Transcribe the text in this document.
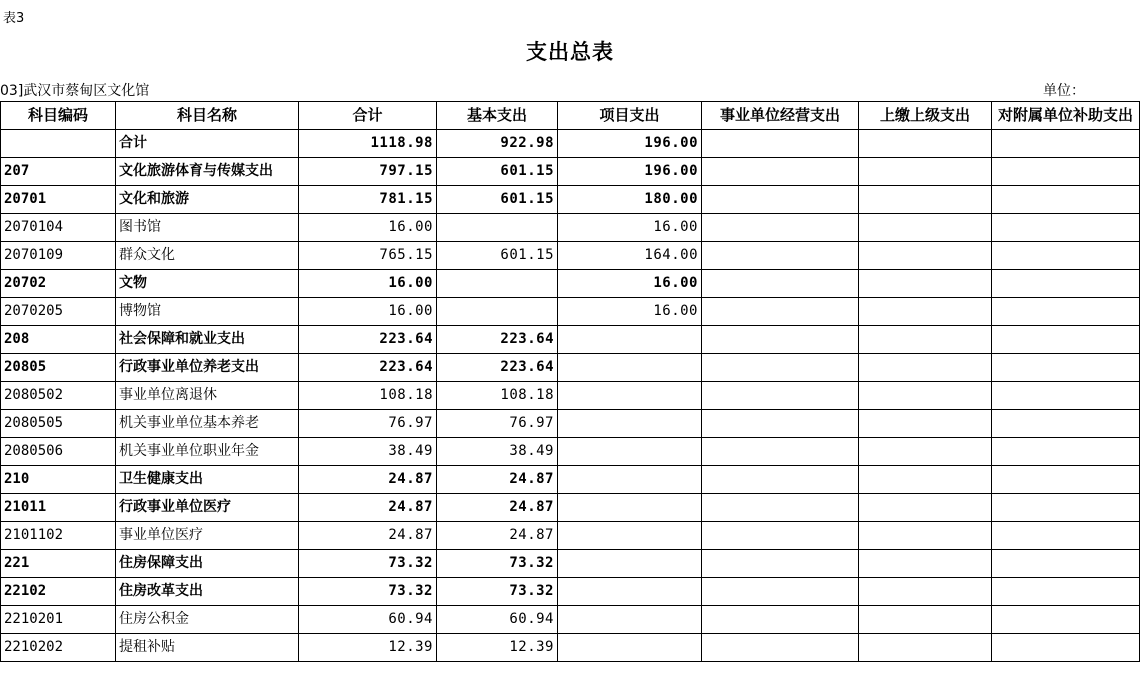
表3
支出总表
03]武汉市蔡甸区文化馆	单位：
科目编码	科目名称	合计	基本支出	项目支出	事业单位经营支出	上缴上级支出	对附属单位补助支出
	合计	1118.98	922.98	196.00			
207	文化旅游体育与传媒支出	797.15	601.15	196.00			
20701	文化和旅游	781.15	601.15	180.00			
2070104	图书馆	16.00		16.00			
2070109	群众文化	765.15	601.15	164.00			
20702	文物	16.00		16.00			
2070205	博物馆	16.00		16.00			
208	社会保障和就业支出	223.64	223.64				
20805	行政事业单位养老支出	223.64	223.64				
2080502	事业单位离退休	108.18	108.18				
2080505	机关事业单位基本养老	76.97	76.97				
2080506	机关事业单位职业年金	38.49	38.49				
210	卫生健康支出	24.87	24.87				
21011	行政事业单位医疗	24.87	24.87				
2101102	事业单位医疗	24.87	24.87				
221	住房保障支出	73.32	73.32				
22102	住房改革支出	73.32	73.32				
2210201	住房公积金	60.94	60.94				
2210202	提租补贴	12.39	12.39				
